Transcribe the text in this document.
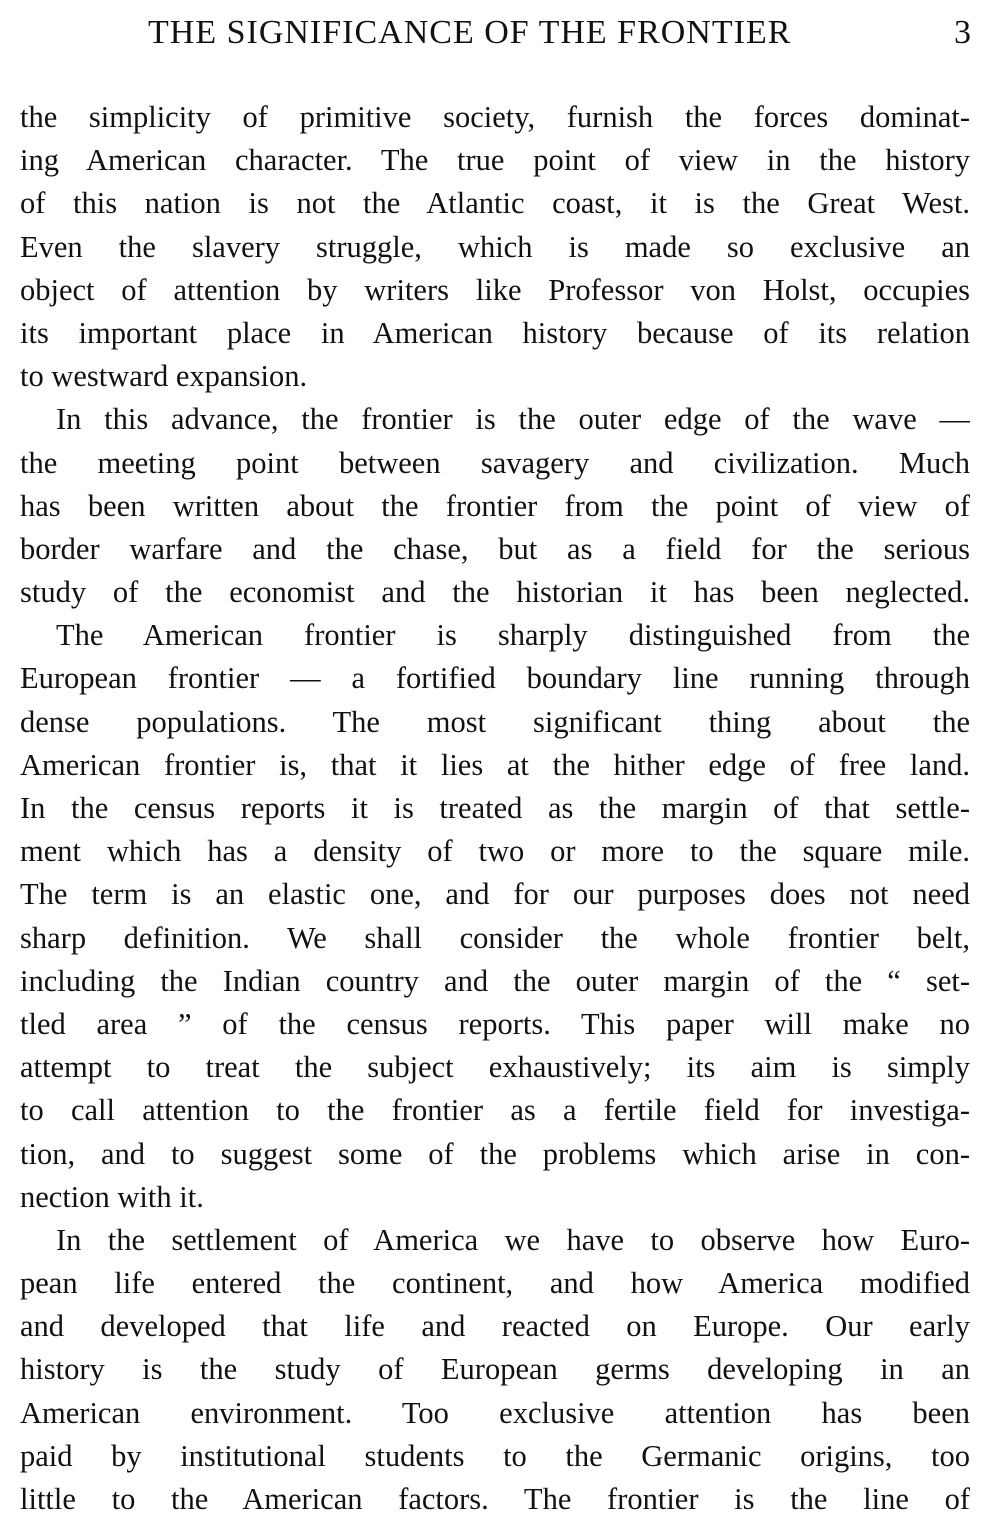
THE SIGNIFICANCE OF THE FRONTIER	3
the simplicity of primitive society, furnish the forces dominat-
ing American character. The true point of view in the history
of this nation is not the Atlantic coast, it is the Great West.
Even the slavery struggle, which is made so exclusive an
object of attention by writers like Professor von Holst, occupies
its important place in American history because of its relation
to westward expansion.
In this advance, the frontier is the outer edge of the wave —
the meeting point between savagery and civilization. Much
has been written about the frontier from the point of view of
border warfare and the chase, but as a field for the serious
study of the economist and the historian it has been neglected.
The American frontier is sharply distinguished from the
European frontier — a fortified boundary line running through
dense populations. The most significant thing about the
American frontier is, that it lies at the hither edge of free land.
In the census reports it is treated as the margin of that settle-
ment which has a density of two or more to the square mile.
The term is an elastic one, and for our purposes does not need
sharp definition. We shall consider the whole frontier belt,
including the Indian country and the outer margin of the “ set-
tled area ” of the census reports. This paper will make no
attempt to treat the subject exhaustively; its aim is simply
to call attention to the frontier as a fertile field for investiga-
tion, and to suggest some of the problems which arise in con-
nection with it.
In the settlement of America we have to observe how Euro-
pean life entered the continent, and how America modified
and developed that life and reacted on Europe. Our early
history is the study of European germs developing in an
American environment. Too exclusive attention has been
paid by institutional students to the Germanic origins, too
little to the American factors. The frontier is the line of
